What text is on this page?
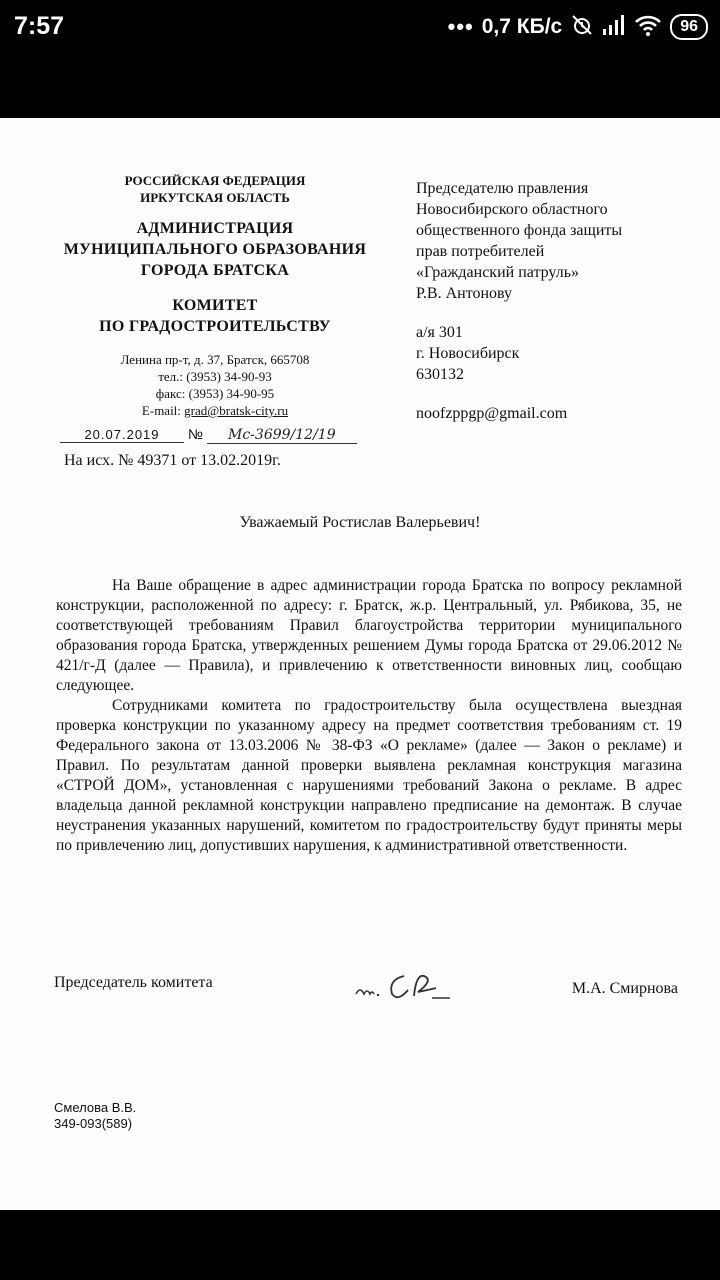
7:57	••• 0,7 КБ/с	96
РОССИЙСКАЯ ФЕДЕРАЦИЯ
ИРКУТСКАЯ ОБЛАСТЬ
АДМИНИСТРАЦИЯ
МУНИЦИПАЛЬНОГО ОБРАЗОВАНИЯ
ГОРОДА БРАТСКА
КОМИТЕТ
ПО ГРАДОСТРОИТЕЛЬСТВУ
Ленина пр-т, д. 37, Братск, 665708
тел.: (3953) 34-90-93
факс: (3953) 34-90-95
E-mail: grad@bratsk-city.ru
20.07.2019 № Мс-3699/12/19
На исх. № 49371 от 13.02.2019г.
Председателю правления
Новосибирского областного
общественного фонда защиты
прав потребителей
«Гражданский патруль»
Р.В. Антонову
а/я 301
г. Новосибирск
630132
noofzppgp@gmail.com
Уважаемый Ростислав Валерьевич!

На Ваше обращение в адрес администрации города Братска по вопросу рекламной конструкции, расположенной по адресу: г. Братск, ж.р. Центральный, ул. Рябикова, 35, не соответствующей требованиям Правил благоустройства территории муниципального образования города Братска, утвержденных решением Думы города Братска от 29.06.2012 № 421/г-Д (далее — Правила), и привлечению к ответственности виновных лиц, сообщаю следующее.

Сотрудниками комитета по градостроительству была осуществлена выездная проверка конструкции по указанному адресу на предмет соответствия требованиям ст. 19 Федерального закона от 13.03.2006 № 38-ФЗ «О рекламе» (далее — Закон о рекламе) и Правил. По результатам данной проверки выявлена рекламная конструкция магазина «СТРОЙ ДОМ», установленная с нарушениями требований Закона о рекламе. В адрес владельца данной рекламной конструкции направлено предписание на демонтаж. В случае неустранения указанных нарушений, комитетом по градостроительству будут приняты меры по привлечению лиц, допустивших нарушения, к административной ответственности.

Председатель комитета	М.А. Смирнова
Смелова В.В.
349-093(589)
